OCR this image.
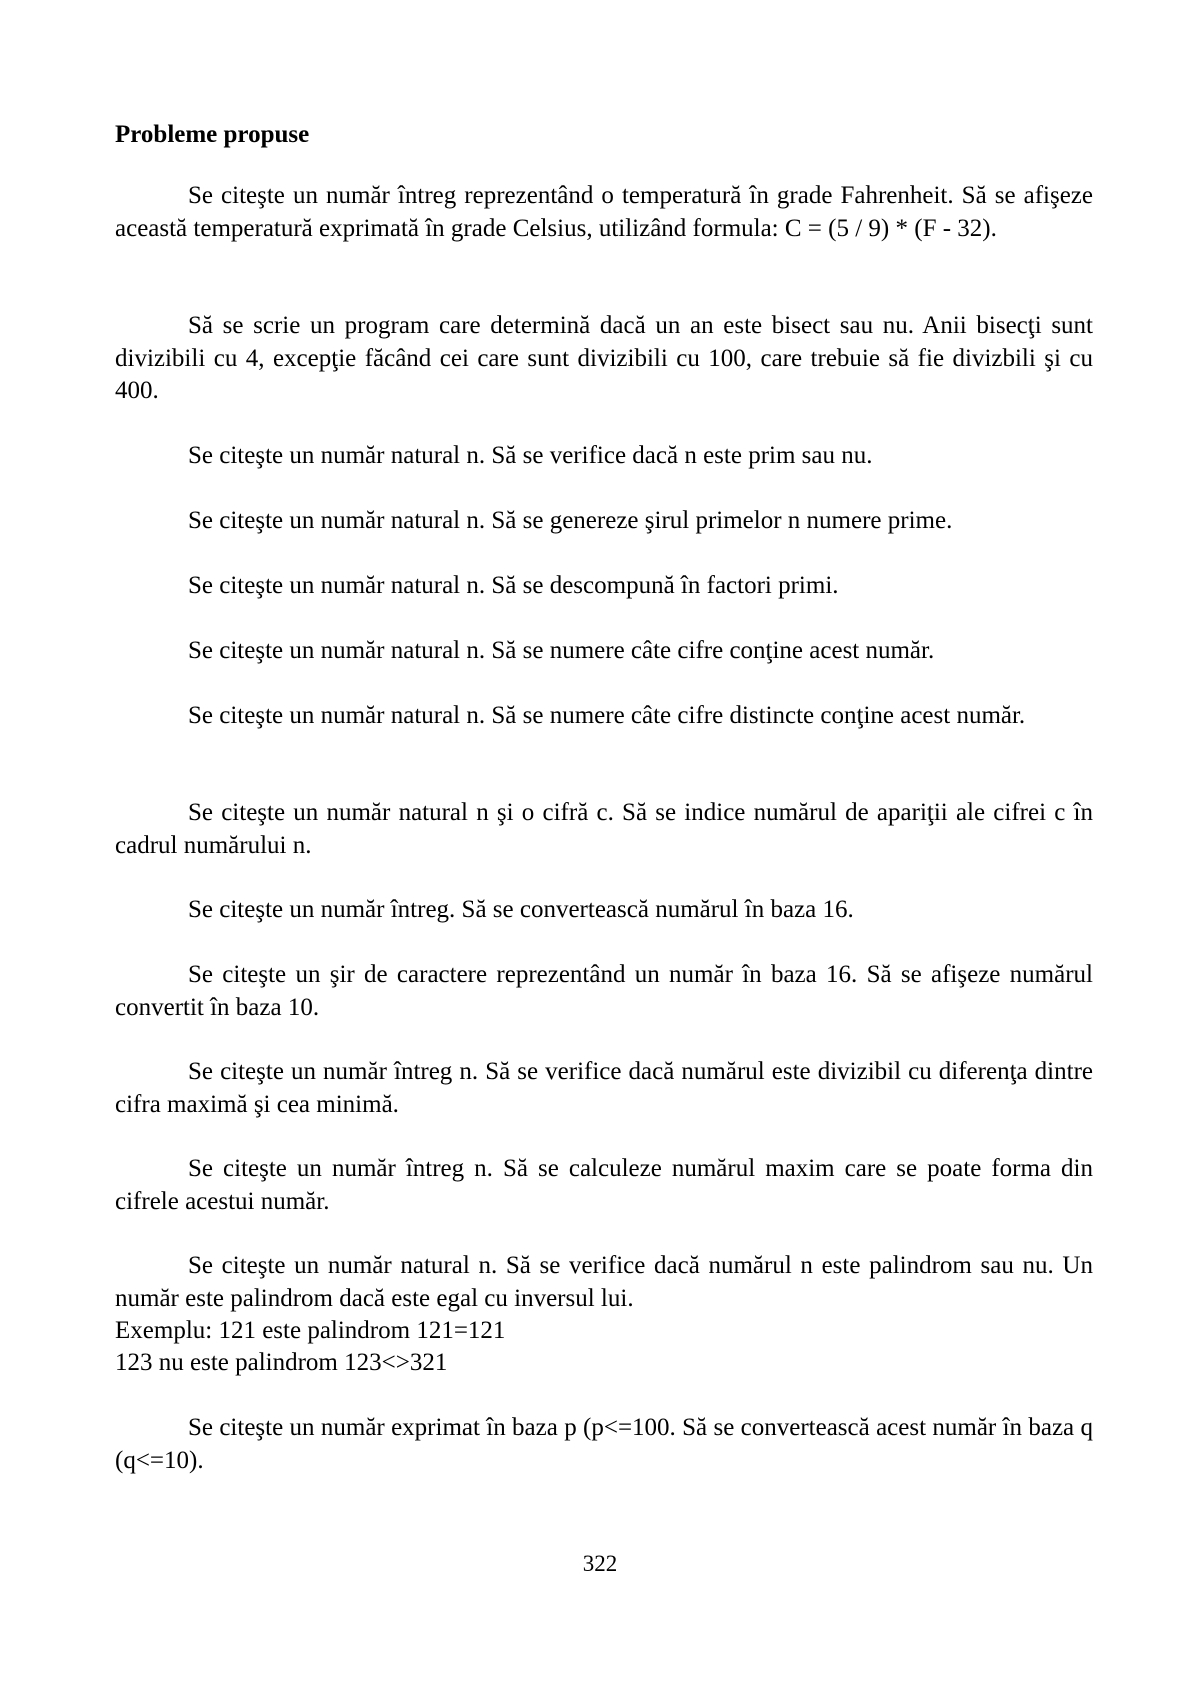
Probleme propuse

Se citeşte un număr întreg reprezentând o temperatură în grade Fahrenheit. Să se afişeze această temperatură exprimată în grade Celsius, utilizând formula: C = (5 / 9) * (F - 32).

Să se scrie un program care determină dacă un an este bisect sau nu. Anii bisecţi sunt divizibili cu 4, excepţie făcând cei care sunt divizibili cu 100, care trebuie să fie divizbili şi cu 400.

Se citeşte un număr natural n. Să se verifice dacă n este prim sau nu.

Se citeşte un număr natural n. Să se genereze şirul primelor n numere prime.

Se citeşte un număr natural n. Să se descompună în factori primi.

Se citeşte un număr natural n. Să se numere câte cifre conţine acest număr.

Se citeşte un număr natural n. Să se numere câte cifre distincte conţine acest număr.

Se citeşte un număr natural n şi o cifră c. Să se indice numărul de apariţii ale cifrei c în cadrul numărului n.

Se citeşte un număr întreg. Să se convertească numărul în baza 16.

Se citeşte un şir de caractere reprezentând un număr în baza 16. Să se afişeze numărul convertit în baza 10.

Se citeşte un număr întreg n. Să se verifice dacă numărul este divizibil cu diferenţa dintre cifra maximă şi cea minimă.

Se citeşte un număr întreg n. Să se calculeze numărul maxim care se poate forma din cifrele acestui număr.

Se citeşte un număr natural n. Să se verifice dacă numărul n este palindrom sau nu. Un număr este palindrom dacă este egal cu inversul lui.

Exemplu: 121 este palindrom 121=121
123 nu este palindrom 123<>321

Se citeşte un număr exprimat în baza p (p<=100. Să se convertească acest număr în baza q (q<=10).

322
